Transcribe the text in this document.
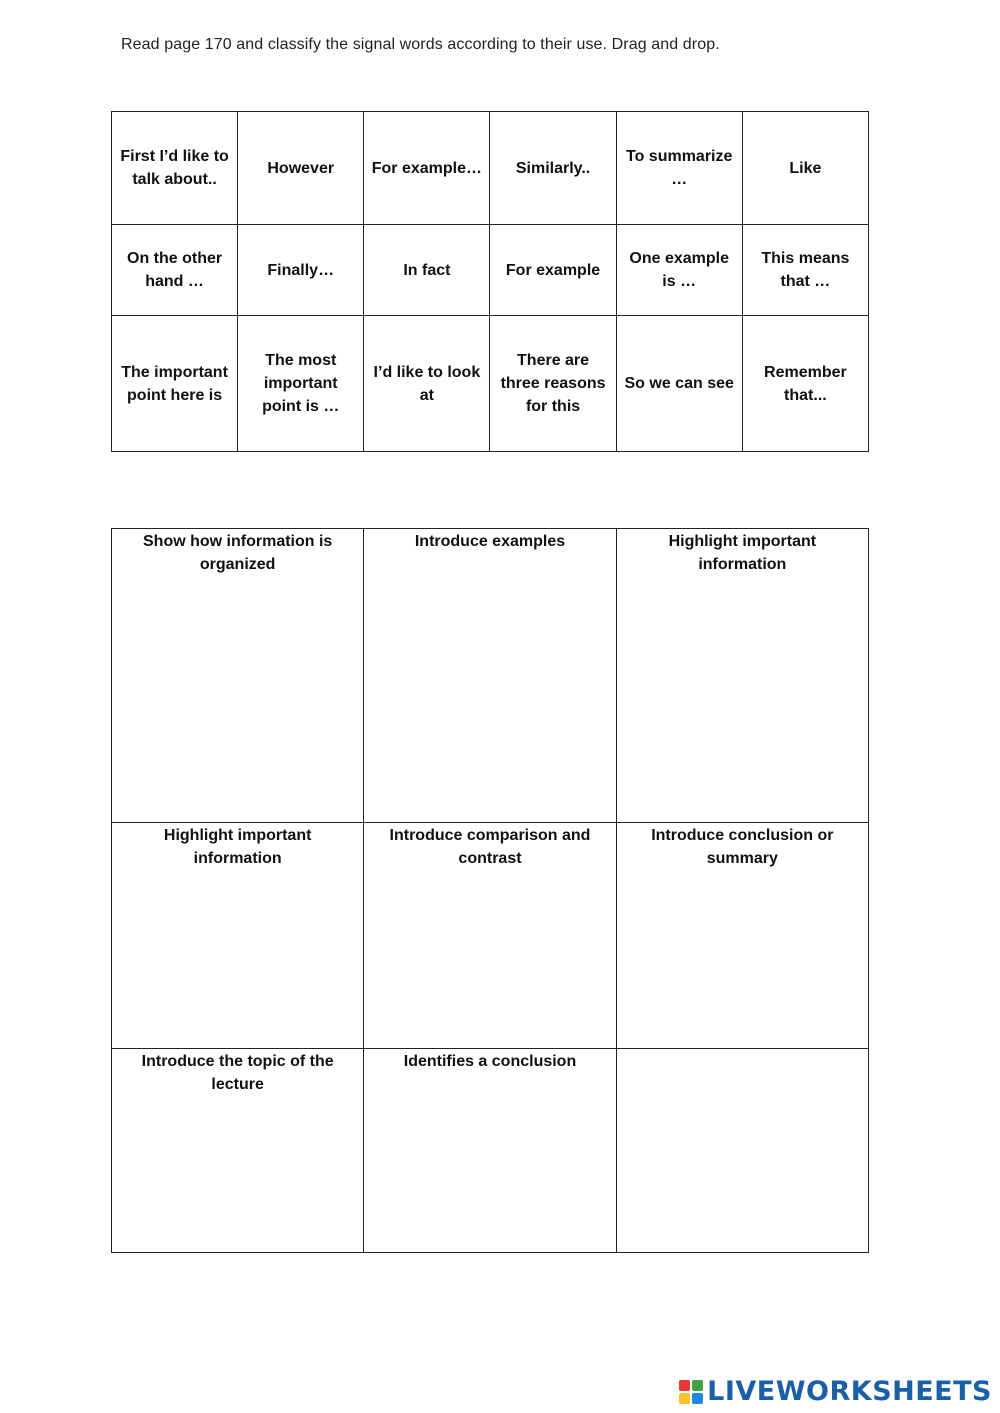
Read page 170 and classify the signal words according to their use. Drag and drop.
First I’d like to talk about..	However	For example…	Similarly..	To summarize …	Like
On the other hand …	Finally…	In fact	For example	One example is …	This means that …
The important point here is	The most important point is …	I’d like to look at	There are three reasons for this	So we can see	Remember that...
Show how information is organized	Introduce examples	Highlight important information

Highlight important information	Introduce comparison and contrast	Introduce conclusion or summary

Introduce the topic of the lecture	Identifies a conclusion	

LIVEWORKSHEETS
